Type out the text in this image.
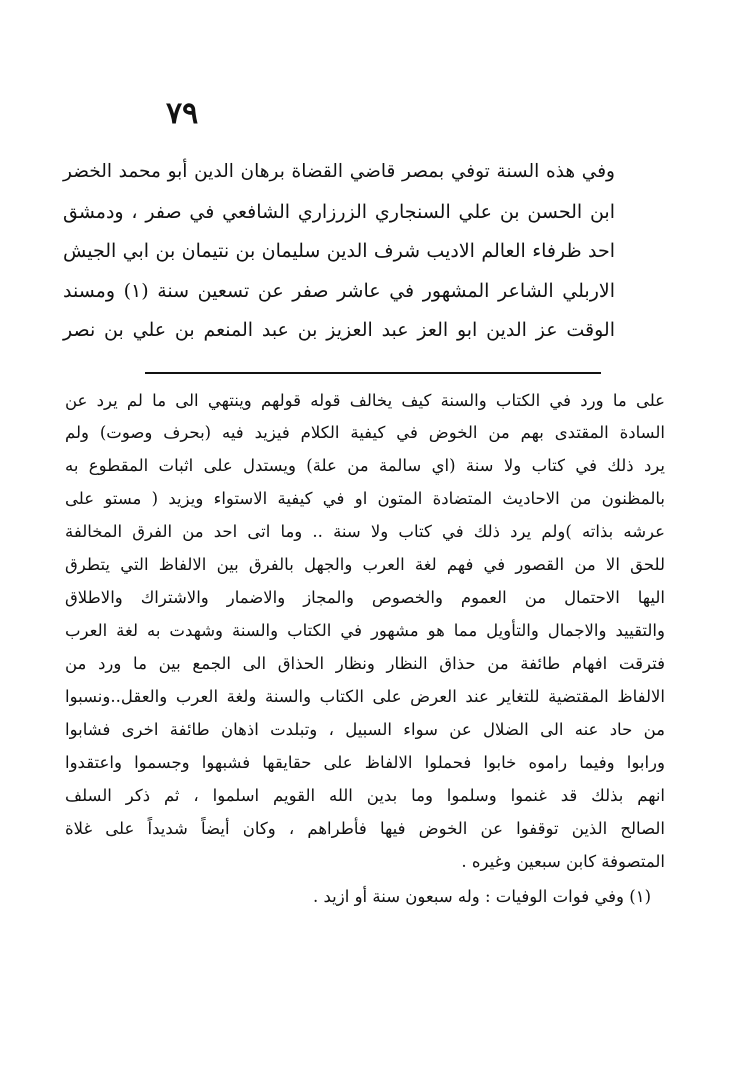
٧٩
وفي هذه السنة توفي بمصر قاضي القضاة برهان الدين أبو محمد الخضر
ابن الحسن بن علي السنجاري الزرزاري الشافعي في صفر ، ودمشق
احد ظرفاء العالم الاديب شرف الدين سليمان بن نتيمان بن ابي الجيش
الاربلي الشاعر المشهور في عاشر صفر عن تسعين سنة (١) ومسند
الوقت عز الدين ابو العز عبد العزيز بن عبد المنعم بن علي بن نصر
على ما ورد في الكتاب والسنة كيف يخالف قوله قولهم وينتهي الى ما لم يرد عن
السادة المقتدى بهم من الخوض في كيفية الكلام فيزيد فيه (بحرف وصوت) ولم
يرد ذلك في كتاب ولا سنة (اي سالمة من علة) ويستدل على اثبات المقطوع به
بالمظنون من الاحاديث المتضادة المتون او في كيفية الاستواء ويزيد ( مستو على
عرشه بذاته )ولم يرد ذلك في كتاب ولا سنة .. وما اتى احد من الفرق المخالفة
للحق الا من القصور في فهم لغة العرب والجهل بالفرق بين الالفاظ التي يتطرق
اليها الاحتمال من العموم والخصوص والمجاز والاضمار والاشتراك والاطلاق
والتقييد والاجمال والتأويل مما هو مشهور في الكتاب والسنة وشهدت به لغة العرب
فترقت افهام طائفة من حذاق النظار ونظار الحذاق الى الجمع بين ما ورد من
الالفاظ المقتضية للتغاير عند العرض على الكتاب والسنة ولغة العرب والعقل..ونسبوا
من حاد عنه الى الضلال عن سواء السبيل ، وتبلدت اذهان طائفة اخرى فشابوا
ورابوا وفيما راموه خابوا فحملوا الالفاظ على حقايقها فشبهوا وجسموا واعتقدوا
انهم بذلك قد غنموا وسلموا وما بدين الله القويم اسلموا ، ثم ذكر السلف
الصالح الذين توقفوا عن الخوض فيها فأطراهم ، وكان أيضاً شديداً على غلاة
المتصوفة كابن سبعين وغيره .
(١) وفي فوات الوفيات : وله سبعون سنة أو ازيد .
